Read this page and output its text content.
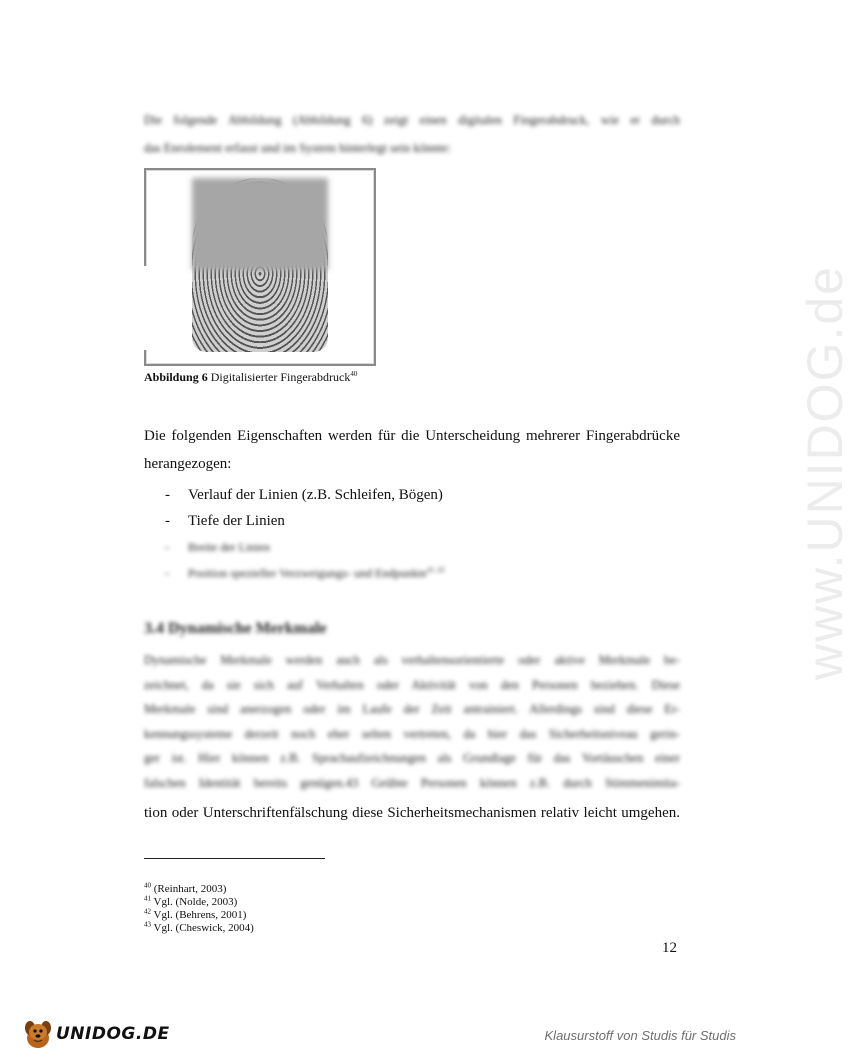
www.UNIDOG.de
Die folgende Abbildung (Abbildung 6) zeigt einen digitalen Fingerabdruck, wie er durch
das Enrolement erfasst und im System hinterlegt sein könnte:
Abbildung 6 Digitalisierter Fingerabdruck$^{40}$
Die folgenden Eigenschaften werden für die Unterscheidung mehrerer Fingerabdrücke
herangezogen:
- Verlauf der Linien (z.B. Schleifen, Bögen)
- Tiefe der Linien
- Breite der Linien
- Position spezieller Verzweigungs- und Endpunkte$^{41, 42}$
3.4 Dynamische Merkmale
Dynamische Merkmale werden auch als verhaltensorientierte oder aktive Merkmale be-
zeichnet, da sie sich auf Verhalten oder Aktivität von den Personen beziehen. Diese
Merkmale sind anerzogen oder im Laufe der Zeit antrainiert. Allerdings sind diese Er-
kennungssysteme derzeit noch eher selten vertreten, da hier das Sicherheitsniveau gerin-
ger ist. Hier können z.B. Sprachaufzeichnungen als Grundlage für das Vortäuschen einer
falschen Identität bereits genügen.43 Geübte Personen können z.B. durch Stimmenimita-
tion oder Unterschriftenfälschung diese Sicherheitsmechanismen relativ leicht umgehen.
$^{40}$ (Reinhart, 2003)
$^{41}$ Vgl. (Nolde, 2003)
$^{42}$ Vgl. (Behrens, 2001)
$^{43}$ Vgl. (Cheswick, 2004)
12
UNIDOG.DE	Klausurstoff von Studis für Studis
